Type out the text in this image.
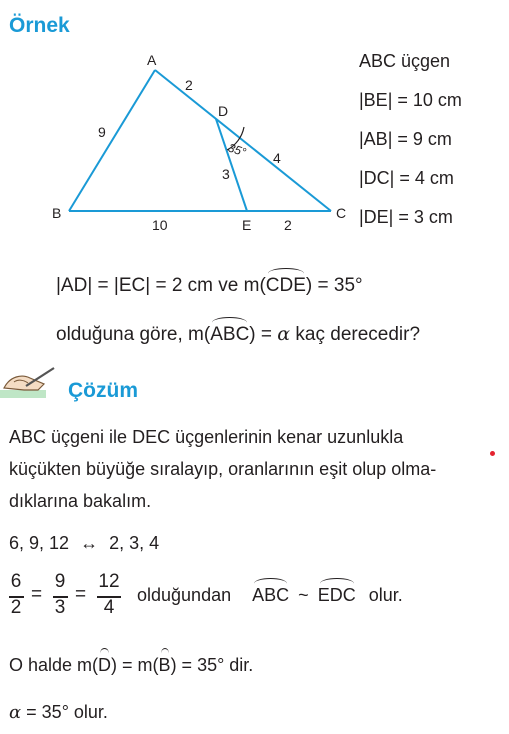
Örnek
A
B	C
D
E
2
9
4
3
10	2
35°
ABC üçgen
|BE| = 10 cm
|AB| = 9 cm
|DC| = 4 cm
|DE| = 3 cm
|AD| = |EC| = 2 cm ve m(CDE) = 35°
olduğuna göre, m(ABC) = α kaç derecedir?
Çözüm
ABC üçgeni ile DEC üçgenlerinin kenar uzunlukla
küçükten büyüğe sıralayıp, oranlarının eşit olup olma-
dıklarına bakalım.
6, 9, 12 ↔ 2, 3, 4
6
2
=
9
3
=
12
4
olduğundan ABC ~ EDC olur.
O halde m(D) = m(B) = 35° dir.
α = 35° olur.
